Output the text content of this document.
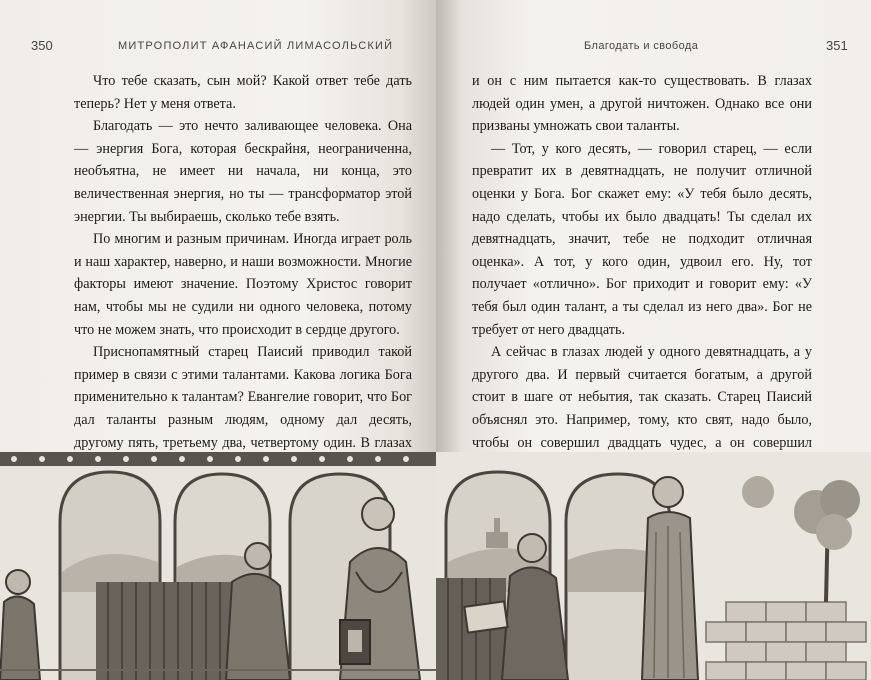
350	МИТРОПОЛИТ АФАНАСИЙ ЛИМАСОЛЬСКИЙ

Что тебе сказать, сын мой? Какой ответ тебе дать теперь? Нет у меня ответа.

Благодать — это нечто заливающее человека. Она — энергия Бога, которая бескрайня, неограниченна, необъятна, не имеет ни начала, ни конца, это величественная энергия, но ты — трансформатор этой энергии. Ты выбираешь, сколько тебе взять.

По многим и разным причинам. Иногда играет роль и наш характер, наверно, и наши возможности. Многие факторы имеют значение. Поэтому Христос говорит нам, чтобы мы не судили ни одного человека, потому что не можем знать, что происходит в сердце другого.

Приснопамятный старец Паисий приводил такой пример в связи с этими талантами. Какова логика Бога применительно к талантам? Евангелие говорит, что Бог дал таланты разным людям, одному дал десять, другому пять, третьему два, четвертому один. В глазах

Благодать и свобода	351

и он с ним пытается как-то существовать. В глазах людей один умен, а другой ничтожен. Однако все они призваны умножать свои таланты.

— Тот, у кого десять, — говорил старец, — если превратит их в девятнадцать, не получит отличной оценки у Бога. Бог скажет ему: «У тебя было десять, надо сделать, чтобы их было двадцать! Ты сделал их девятнадцать, значит, тебе не подходит отличная оценка». А тот, у кого один, удвоил его. Ну, тот получает «отлично». Бог приходит и говорит ему: «У тебя был один талант, а ты сделал из него два». Бог не требует от него двадцать.

А сейчас в глазах людей у одного девятнадцать, а у другого два. И первый считается богатым, а другой стоит в шаге от небытия, так сказать. Старец Паисий объяснял это. Например, тому, кто свят, надо было, чтобы он совершил двадцать чудес, а он совершил
